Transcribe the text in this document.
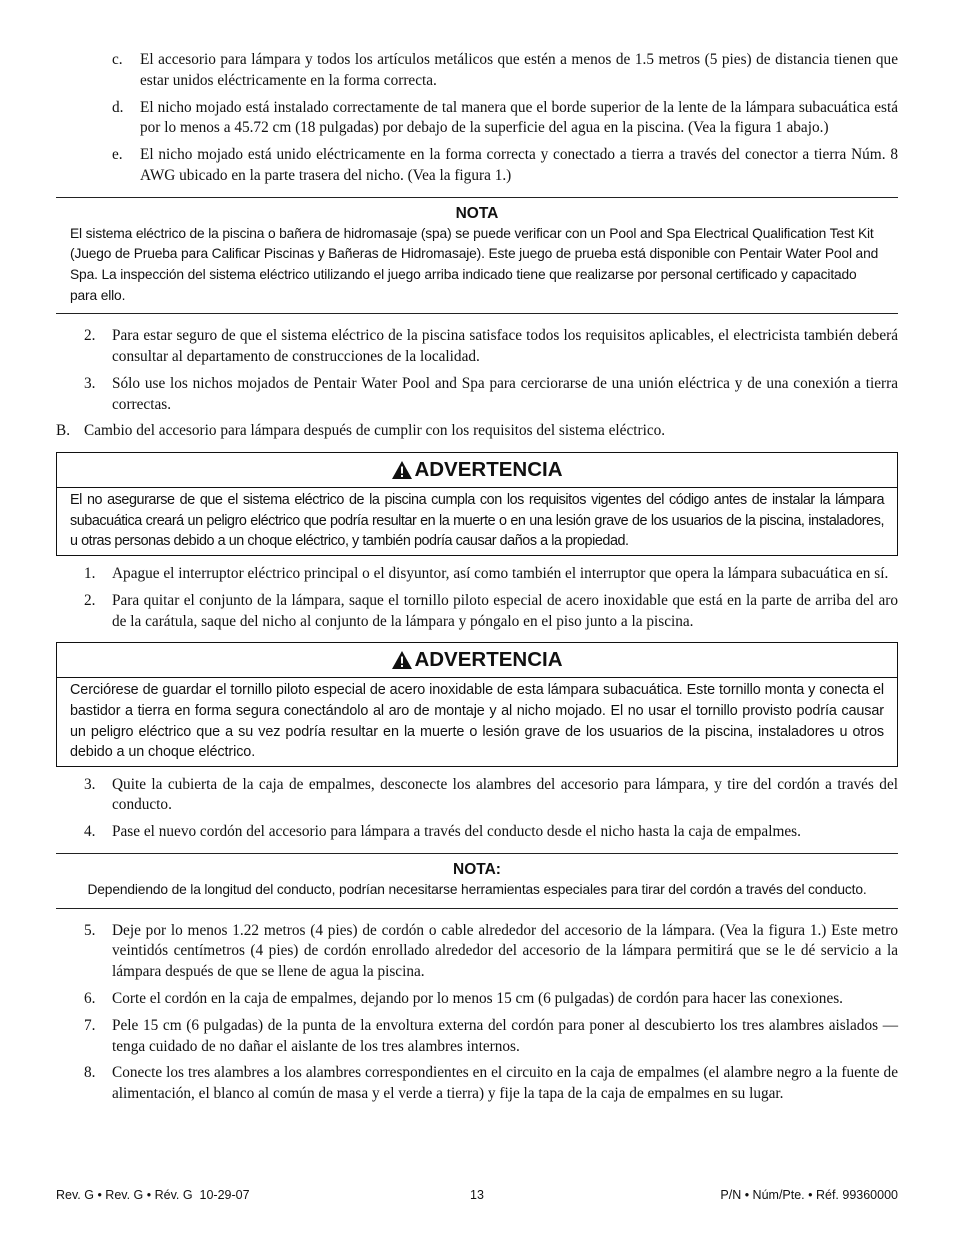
c.	El accesorio para lámpara y todos los artículos metálicos que estén a menos de 1.5 metros (5 pies) de distancia tienen que estar unidos eléctricamente en la forma correcta.
d.	El nicho mojado está instalado correctamente de tal manera que el borde superior de la lente de la lámpara subacuática está por lo menos a 45.72 cm (18 pulgadas) por debajo de la superficie del agua en la piscina. (Vea la figura 1 abajo.)
e.	El nicho mojado está unido eléctricamente en la forma correcta y conectado a tierra a través del conector a tierra Núm. 8 AWG ubicado en la parte trasera del nicho. (Vea la figura 1.)
NOTA
El sistema eléctrico de la piscina o bañera de hidromasaje (spa) se puede verificar con un Pool and Spa Electrical Qualification Test Kit (Juego de Prueba para Calificar Piscinas y Bañeras de Hidromasaje). Este juego de prueba está disponible con Pentair Water Pool and Spa. La inspección del sistema eléctrico utilizando el juego arriba indicado tiene que realizarse por personal certificado y capacitado para ello.
2.	Para estar seguro de que el sistema eléctrico de la piscina satisface todos los requisitos aplicables, el electricista también deberá consultar al departamento de construcciones de la localidad.
3.	Sólo use los nichos mojados de Pentair Water Pool and Spa para cerciorarse de una unión eléctrica y de una conexión a tierra correctas.
B. Cambio del accesorio para lámpara después de cumplir con los requisitos del sistema eléctrico.
ADVERTENCIA
El no asegurarse de que el sistema eléctrico de la piscina cumpla con los requisitos vigentes del código antes de instalar la lámpara subacuática creará un peligro eléctrico que podría resultar en la muerte o en una lesión grave de los usuarios de la piscina, instaladores, u otras personas debido a un choque eléctrico, y también podría causar daños a la propiedad.
1.	Apague el interruptor eléctrico principal o el disyuntor, así como también el interruptor que opera la lámpara subacuática en sí.
2.	Para quitar el conjunto de la lámpara, saque el tornillo piloto especial de acero inoxidable que está en la parte de arriba del aro de la carátula, saque del nicho al conjunto de la lámpara y póngalo en el piso junto a la piscina.
ADVERTENCIA
Cerciórese de guardar el tornillo piloto especial de acero inoxidable de esta lámpara subacuática. Este tornillo monta y conecta el bastidor a tierra en forma segura conectándolo al aro de montaje y al nicho mojado. El no usar el tornillo provisto podría causar un peligro eléctrico que a su vez podría resultar en la muerte o lesión grave de los usuarios de la piscina, instaladores u otros debido a un choque eléctrico.
3.	Quite la cubierta de la caja de empalmes, desconecte los alambres del accesorio para lámpara, y tire del cordón a través del conducto.
4.	Pase el nuevo cordón del accesorio para lámpara a través del conducto desde el nicho hasta la caja de empalmes.
NOTA:
Dependiendo de la longitud del conducto, podrían necesitarse herramientas especiales para tirar del cordón a través del conducto.
5.	Deje por lo menos 1.22 metros (4 pies) de cordón o cable alrededor del accesorio de la lámpara. (Vea la figura 1.) Este metro veintidós centímetros (4 pies) de cordón enrollado alrededor del accesorio de la lámpara permitirá que se le dé servicio a la lámpara después de que se llene de agua la piscina.
6.	Corte el cordón en la caja de empalmes, dejando por lo menos 15 cm (6 pulgadas) de cordón para hacer las conexiones.
7.	Pele 15 cm (6 pulgadas) de la punta de la envoltura externa del cordón para poner al descubierto los tres alambres aislados — tenga cuidado de no dañar el aislante de los tres alambres internos.
8.	Conecte los tres alambres a los alambres correspondientes en el circuito en la caja de empalmes (el alambre negro a la fuente de alimentación, el blanco al común de masa y el verde a tierra) y fije la tapa de la caja de empalmes en su lugar.
Rev. G • Rev. G • Rév. G  10-29-07	13	P/N • Núm/Pte. • Réf. 99360000
